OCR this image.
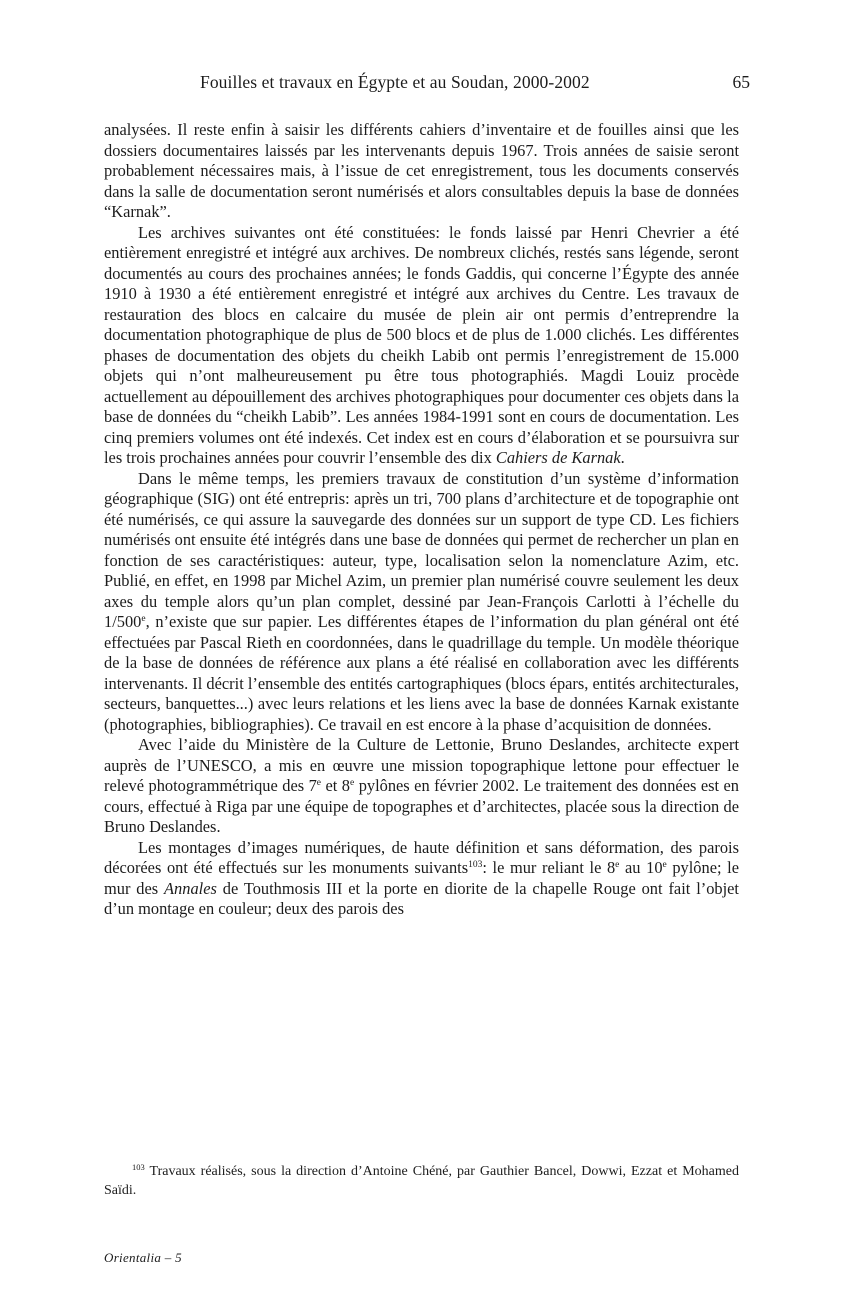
Fouilles et travaux en Égypte et au Soudan, 2000-2002	65

analysées. Il reste enfin à saisir les différents cahiers d’inventaire et de fouilles ainsi que les dossiers documentaires laissés par les intervenants depuis 1967. Trois années de saisie seront probablement nécessaires mais, à l’issue de cet enregistrement, tous les documents conservés dans la salle de documentation seront numérisés et alors consultables depuis la base de données “Karnak”.

Les archives suivantes ont été constituées: le fonds laissé par Henri Chevrier a été entièrement enregistré et intégré aux archives. De nombreux clichés, restés sans légende, seront documentés au cours des prochaines années; le fonds Gaddis, qui concerne l’Égypte des année 1910 à 1930 a été entièrement enregistré et intégré aux archives du Centre. Les travaux de restauration des blocs en calcaire du musée de plein air ont permis d’entreprendre la documentation photographique de plus de 500 blocs et de plus de 1.000 clichés. Les différentes phases de documentation des objets du cheikh Labib ont permis l’enregistrement de 15.000 objets qui n’ont malheureusement pu être tous photographiés. Magdi Louiz procède actuellement au dépouillement des archives photographiques pour documenter ces objets dans la base de données du “cheikh Labib”. Les années 1984-1991 sont en cours de documentation. Les cinq premiers volumes ont été indexés. Cet index est en cours d’élaboration et se poursuivra sur les trois prochaines années pour couvrir l’ensemble des dix Cahiers de Karnak.

Dans le même temps, les premiers travaux de constitution d’un système d’information géographique (SIG) ont été entrepris: après un tri, 700 plans d’architecture et de topographie ont été numérisés, ce qui assure la sauvegarde des données sur un support de type CD. Les fichiers numérisés ont ensuite été intégrés dans une base de données qui permet de rechercher un plan en fonction de ses caractéristiques: auteur, type, localisation selon la nomenclature Azim, etc. Publié, en effet, en 1998 par Michel Azim, un premier plan numérisé couvre seulement les deux axes du temple alors qu’un plan complet, dessiné par Jean-François Carlotti à l’échelle du 1/500e, n’existe que sur papier. Les différentes étapes de l’information du plan général ont été effectuées par Pascal Rieth en coordonnées, dans le quadrillage du temple. Un modèle théorique de la base de données de référence aux plans a été réalisé en collaboration avec les différents intervenants. Il décrit l’ensemble des entités cartographiques (blocs épars, entités architecturales, secteurs, banquettes...) avec leurs relations et les liens avec la base de données Karnak existante (photographies, bibliographies). Ce travail en est encore à la phase d’acquisition de données.

Avec l’aide du Ministère de la Culture de Lettonie, Bruno Deslandes, architecte expert auprès de l’UNESCO, a mis en œuvre une mission topographique lettone pour effectuer le relevé photogrammétrique des 7e et 8e pylônes en février 2002. Le traitement des données est en cours, effectué à Riga par une équipe de topographes et d’architectes, placée sous la direction de Bruno Deslandes.

Les montages d’images numériques, de haute définition et sans déformation, des parois décorées ont été effectués sur les monuments suivants$^{103}$: le mur reliant le 8e au 10e pylône; le mur des Annales de Touthmosis III et la porte en diorite de la chapelle Rouge ont fait l’objet d’un montage en couleur; deux des parois des

$^{103}$ Travaux réalisés, sous la direction d’Antoine Chéné, par Gauthier Bancel, Dowwi, Ezzat et Mohamed Saïdi.
Orientalia – 5
